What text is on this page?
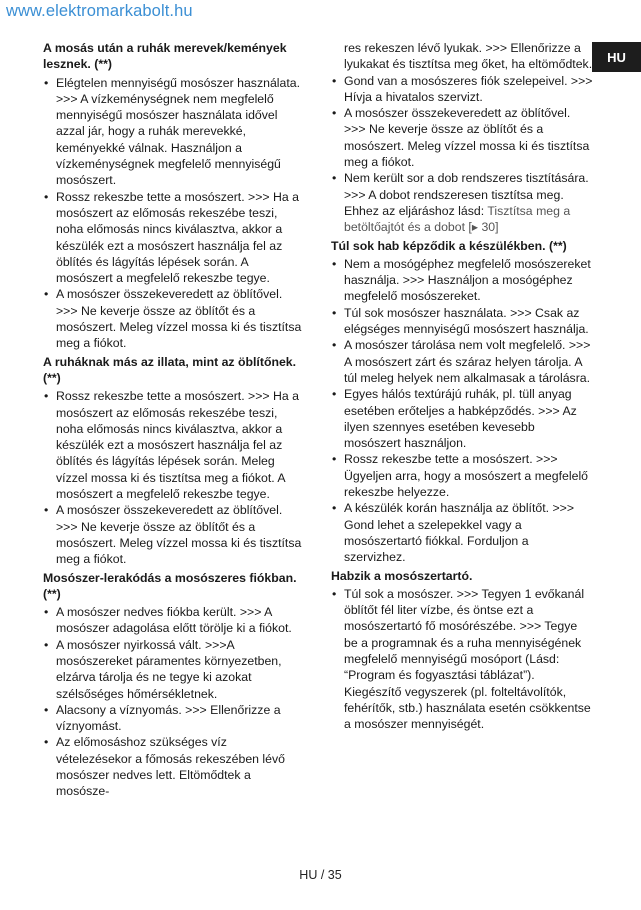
www.elektromarkabolt.hu
HU
A mosás után a ruhák merevek/kemények lesznek. (**)
• Elégtelen mennyiségű mosószer használata. >>> A vízkeménységnek nem megfelelő mennyiségű mosószer használata idővel azzal jár, hogy a ruhák merevekké, keményekké válnak. Használjon a vízkeménységnek megfelelő mennyiségű mosószert.
• Rossz rekeszbe tette a mosószert. >>> Ha a mosószert az előmosás rekeszébe teszi, noha előmosás nincs kiválasztva, akkor a készülék ezt a mosószert használja fel az öblítés és lágyítás lépések során. A mosószert a megfelelő rekeszbe tegye.
• A mosószer összekeveredett az öblítővel. >>> Ne keverje össze az öblítőt és a mosószert. Meleg vízzel mossa ki és tisztítsa meg a fiókot.
A ruháknak más az illata, mint az öblítőnek. (**)
• Rossz rekeszbe tette a mosószert. >>> Ha a mosószert az előmosás rekeszébe teszi, noha előmosás nincs kiválasztva, akkor a készülék ezt a mosószert használja fel az öblítés és lágyítás lépések során. Meleg vízzel mossa ki és tisztítsa meg a fiókot. A mosószert a megfelelő rekeszbe tegye.
• A mosószer összekeveredett az öblítővel. >>> Ne keverje össze az öblítőt és a mosószert. Meleg vízzel mossa ki és tisztítsa meg a fiókot.
Mosószer-lerakódás a mosószeres fiókban. (**)
• A mosószer nedves fiókba került. >>> A mosószer adagolása előtt törölje ki a fiókot.
• A mosószer nyirkossá vált. >>>A mosószereket páramentes környezetben, elzárva tárolja és ne tegye ki azokat szélsőséges hőmérsékletnek.
• Alacsony a víznyomás. >>> Ellenőrizze a víznyomást.
• Az előmosáshoz szükséges víz vételezésekor a főmosás rekeszében lévő mosószer nedves lett. Eltömődtek a mosósze-
res rekeszen lévő lyukak. >>> Ellenőrizze a lyukakat és tisztítsa meg őket, ha eltömődtek.
• Gond van a mosószeres fiók szelepeivel. >>> Hívja a hivatalos szervizt.
• A mosószer összekeveredett az öblítővel. >>> Ne keverje össze az öblítőt és a mosószert. Meleg vízzel mossa ki és tisztítsa meg a fiókot.
• Nem került sor a dob rendszeres tisztítására. >>> A dobot rendszeresen tisztítsa meg. Ehhez az eljáráshoz lásd: Tisztítsa meg a betöltőajtót és a dobot [▸ 30]
Túl sok hab képződik a készülékben. (**)
• Nem a mosógéphez megfelelő mosószereket használja. >>> Használjon a mosógéphez megfelelő mosószereket.
• Túl sok mosószer használata. >>> Csak az elégséges mennyiségű mosószert használja.
• A mosószer tárolása nem volt megfelelő. >>> A mosószert zárt és száraz helyen tárolja. A túl meleg helyek nem alkalmasak a tárolásra.
• Egyes hálós textúrájú ruhák, pl. tüll anyag esetében erőteljes a habképződés. >>> Az ilyen szennyes esetében kevesebb mosószert használjon.
• Rossz rekeszbe tette a mosószert. >>> Ügyeljen arra, hogy a mosószert a megfelelő rekeszbe helyezze.
• A készülék korán használja az öblítőt. >>> Gond lehet a szelepekkel vagy a mosószertartó fiókkal. Forduljon a szervizhez.
Habzik a mosószertartó.
• Túl sok a mosószer. >>> Tegyen 1 evőkanál öblítőt fél liter vízbe, és öntse ezt a mosószertartó fő mosórészébe. >>> Tegye be a programnak és a ruha mennyiségének megfelelő mennyiségű mosóport (Lásd: “Program és fogyasztási táblázat”). Kiegészítő vegyszerek (pl. folteltávolítók, fehérítők, stb.) használata esetén csökkentse a mosószer mennyiségét.
HU / 35
